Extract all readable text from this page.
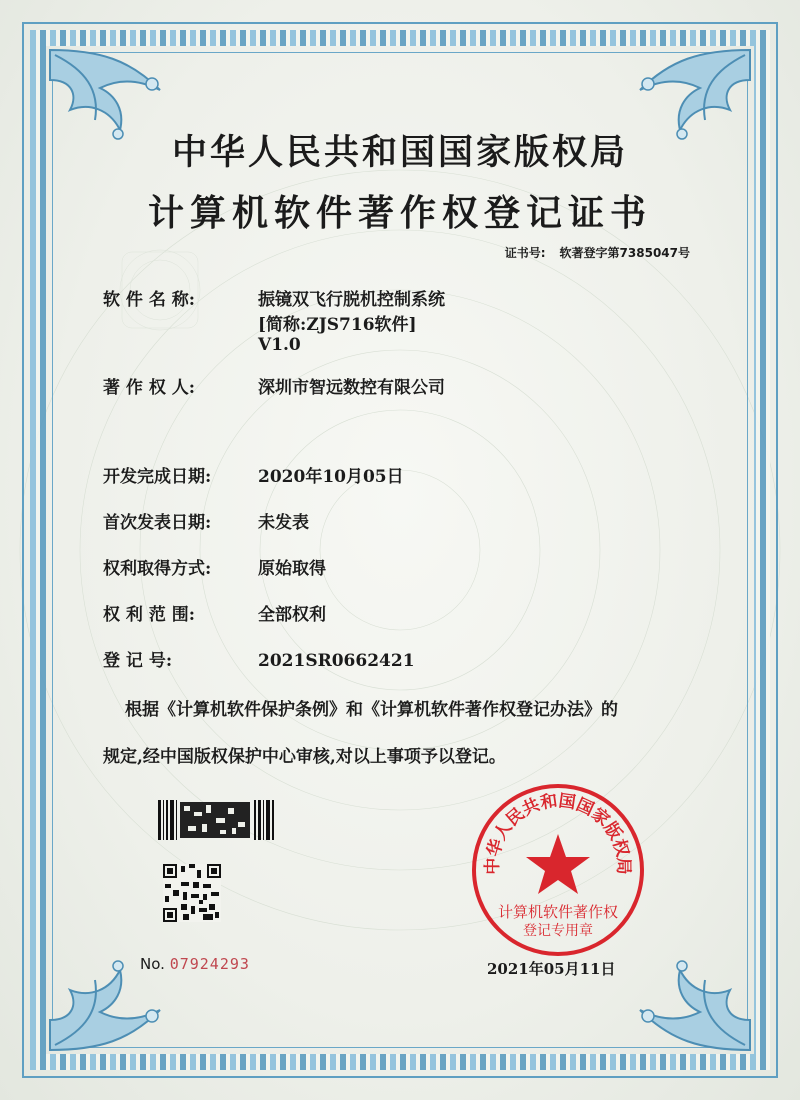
中华人民共和国国家版权局
计算机软件著作权登记证书
证书号: 软著登字第7385047号
软 件 名 称:	振镜双飞行脱机控制系统
[简称:ZJS716软件]
V1.0
著 作 权 人:	深圳市智远数控有限公司
开发完成日期:	2020年10月05日
首次发表日期:	未发表
权利取得方式:	原始取得
权 利 范 围:	全部权利
登 记 号:	2021SR0662421
根据《计算机软件保护条例》和《计算机软件著作权登记办法》的
规定,经中国版权保护中心审核,对以上事项予以登记。
No. 07924293
中华人民共和国国家版权局
计算机软件著作权
登记专用章
2021年05月11日
